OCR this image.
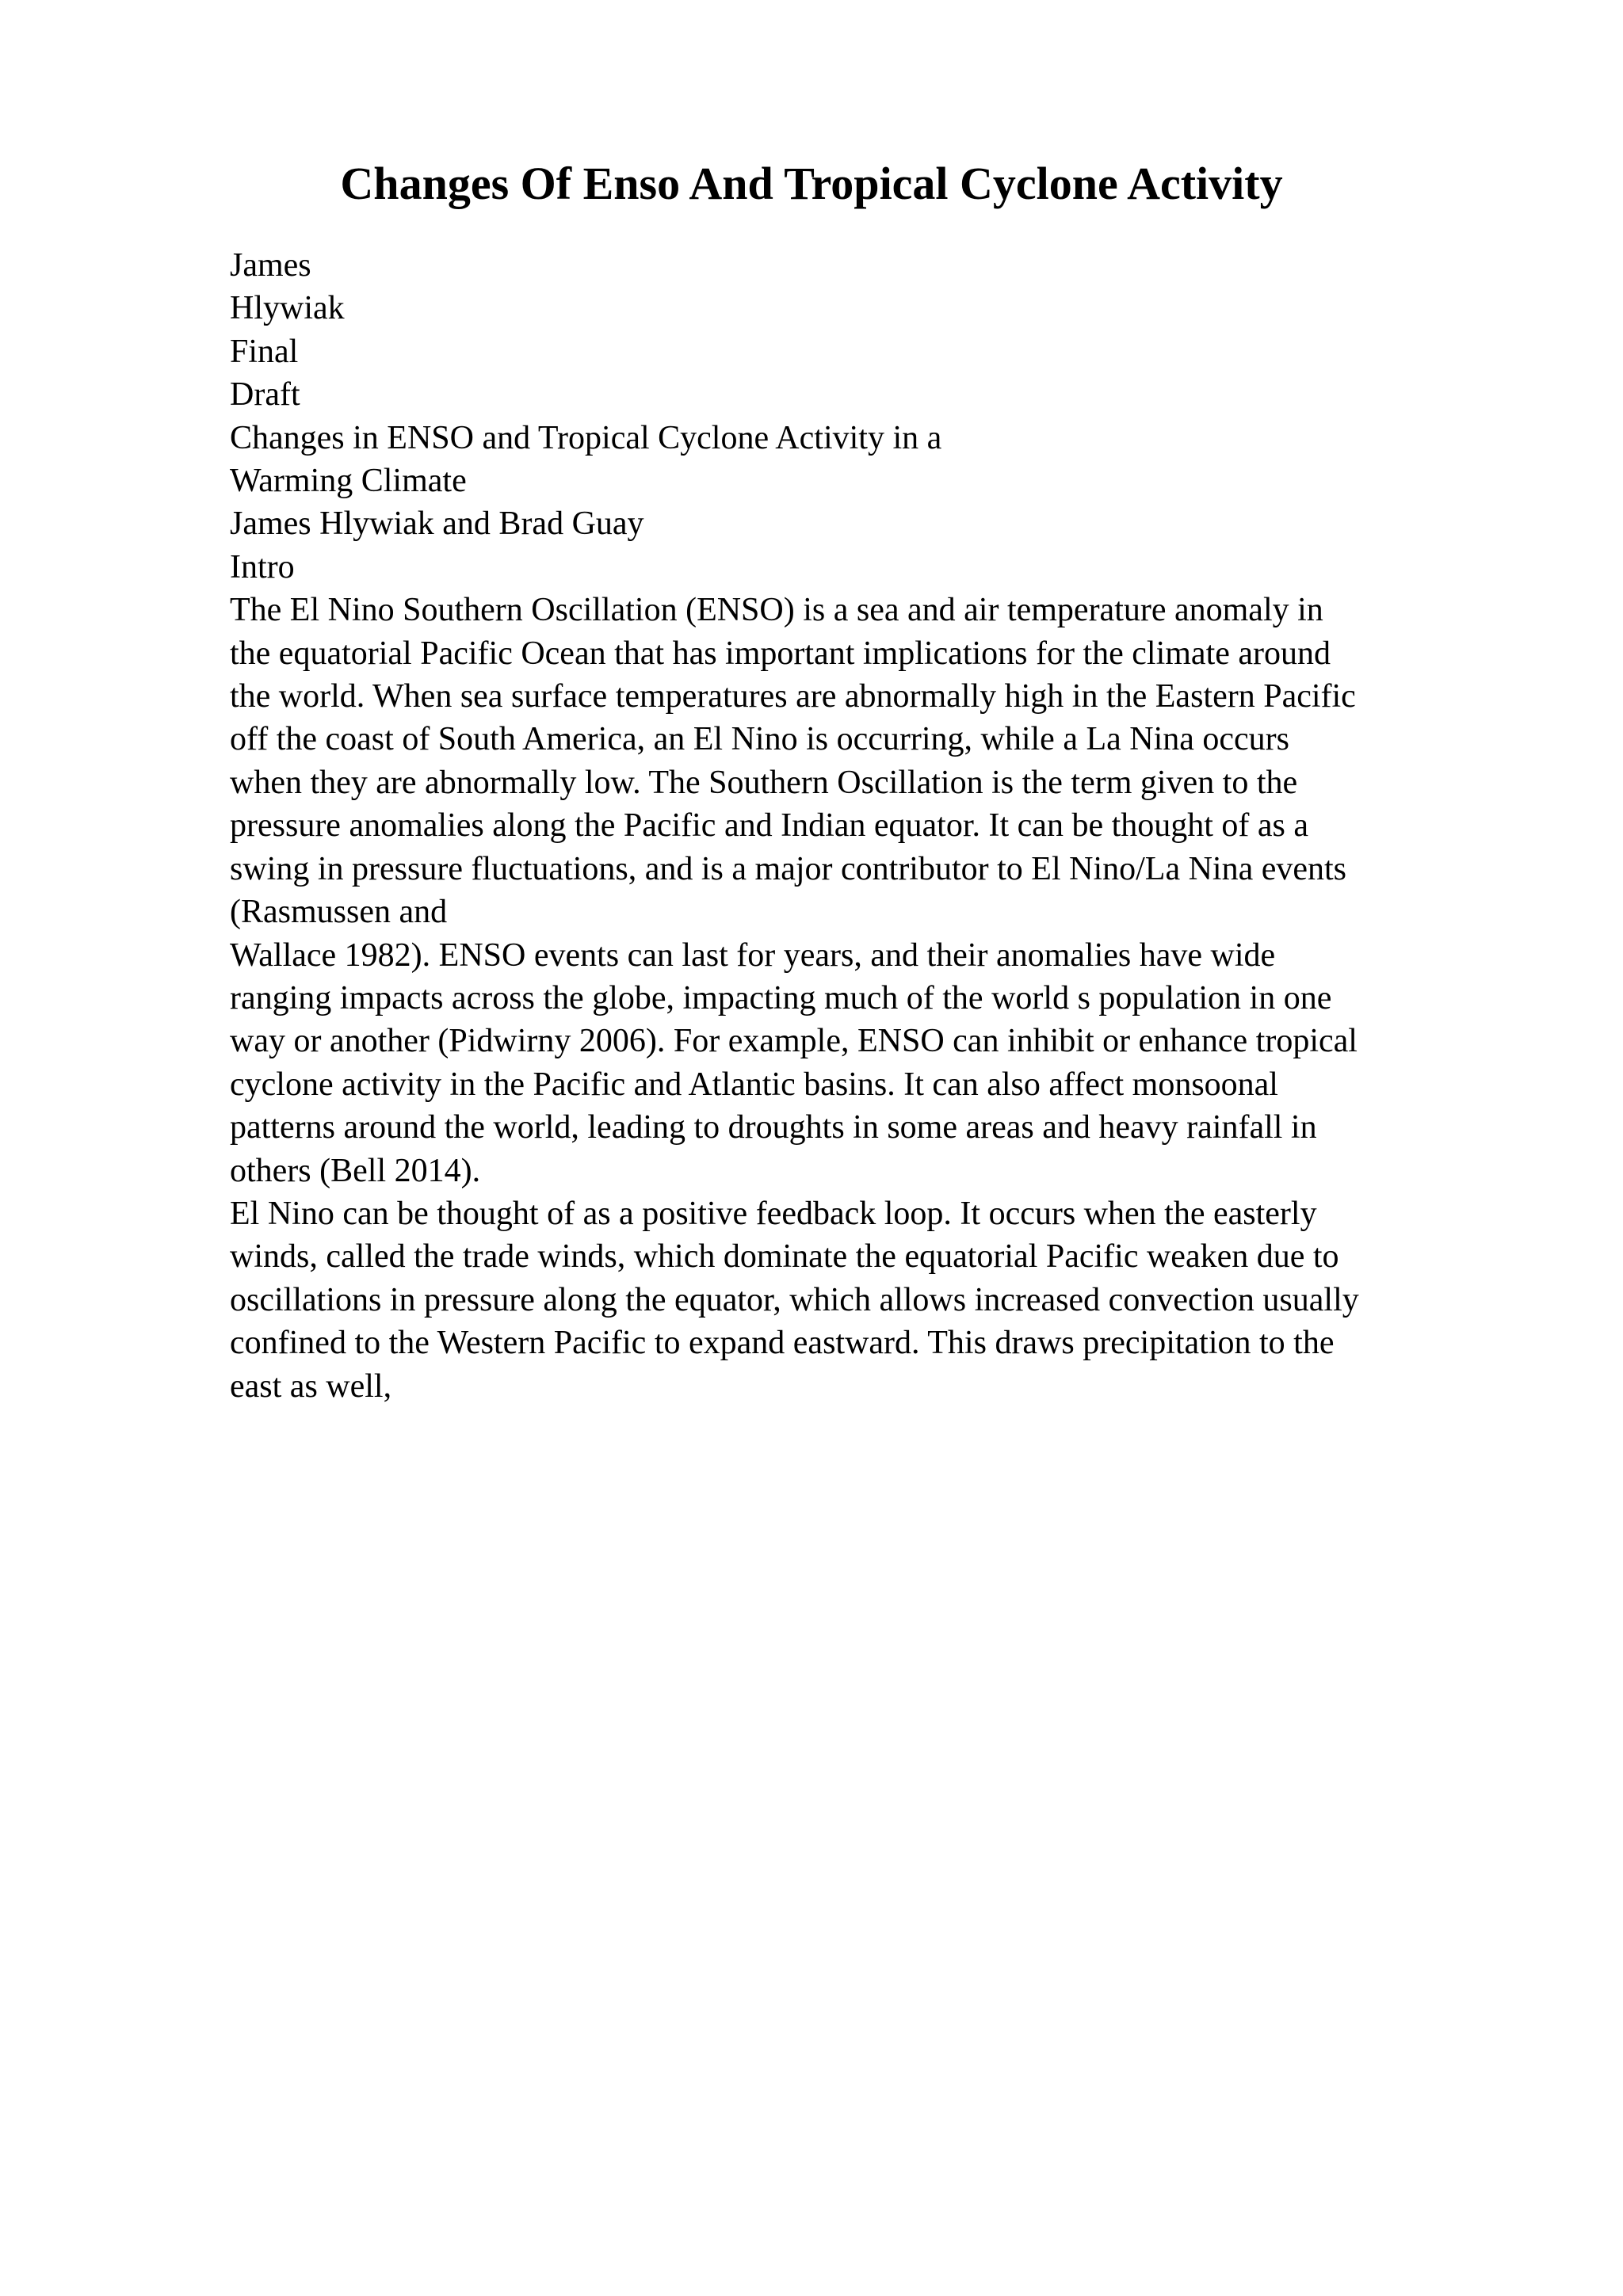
Changes Of Enso And Tropical Cyclone Activity
James
Hlywiak
Final
Draft
Changes in ENSO and Tropical Cyclone Activity in a
Warming Climate
James Hlywiak and Brad Guay
Intro
The El Nino Southern Oscillation (ENSO) is a sea and air temperature anomaly in
the equatorial Pacific Ocean that has important implications for the climate around
the world. When sea surface temperatures are abnormally high in the Eastern Pacific
off the coast of South America, an El Nino is occurring, while a La Nina occurs
when they are abnormally low. The Southern Oscillation is the term given to the
pressure anomalies along the Pacific and Indian equator. It can be thought of as a
swing in pressure fluctuations, and is a major contributor to El Nino/La Nina events
(Rasmussen and
Wallace 1982). ENSO events can last for years, and their anomalies have wide
ranging impacts across the globe, impacting much of the world s population in one
way or another (Pidwirny 2006). For example, ENSO can inhibit or enhance tropical
cyclone activity in the Pacific and Atlantic basins. It can also affect monsoonal
patterns around the world, leading to droughts in some areas and heavy rainfall in
others (Bell 2014).
El Nino can be thought of as a positive feedback loop. It occurs when the easterly
winds, called the trade winds, which dominate the equatorial Pacific weaken due to
oscillations in pressure along the equator, which allows increased convection usually
confined to the Western Pacific to expand eastward. This draws precipitation to the
east as well,
